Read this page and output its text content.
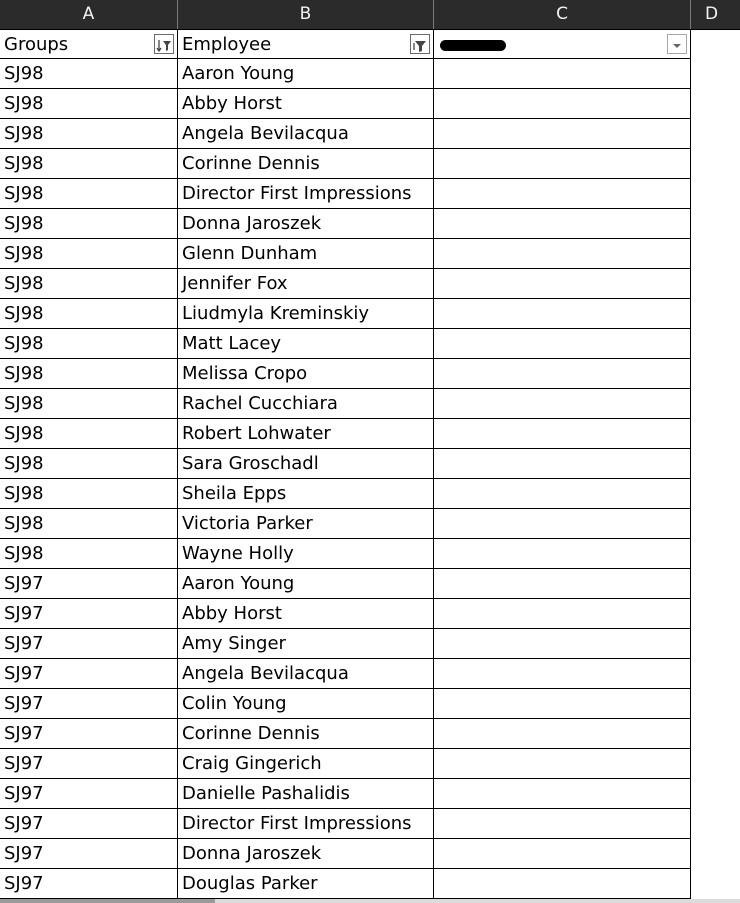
A	B	C	D
Groups	Employee
SJ98	Aaron Young
SJ98	Abby Horst
SJ98	Angela Bevilacqua
SJ98	Corinne Dennis
SJ98	Director First Impressions
SJ98	Donna Jaroszek
SJ98	Glenn Dunham
SJ98	Jennifer Fox
SJ98	Liudmyla Kreminskiy
SJ98	Matt Lacey
SJ98	Melissa Cropo
SJ98	Rachel Cucchiara
SJ98	Robert Lohwater
SJ98	Sara Groschadl
SJ98	Sheila Epps
SJ98	Victoria Parker
SJ98	Wayne Holly
SJ97	Aaron Young
SJ97	Abby Horst
SJ97	Amy Singer
SJ97	Angela Bevilacqua
SJ97	Colin Young
SJ97	Corinne Dennis
SJ97	Craig Gingerich
SJ97	Danielle Pashalidis
SJ97	Director First Impressions
SJ97	Donna Jaroszek
SJ97	Douglas Parker
